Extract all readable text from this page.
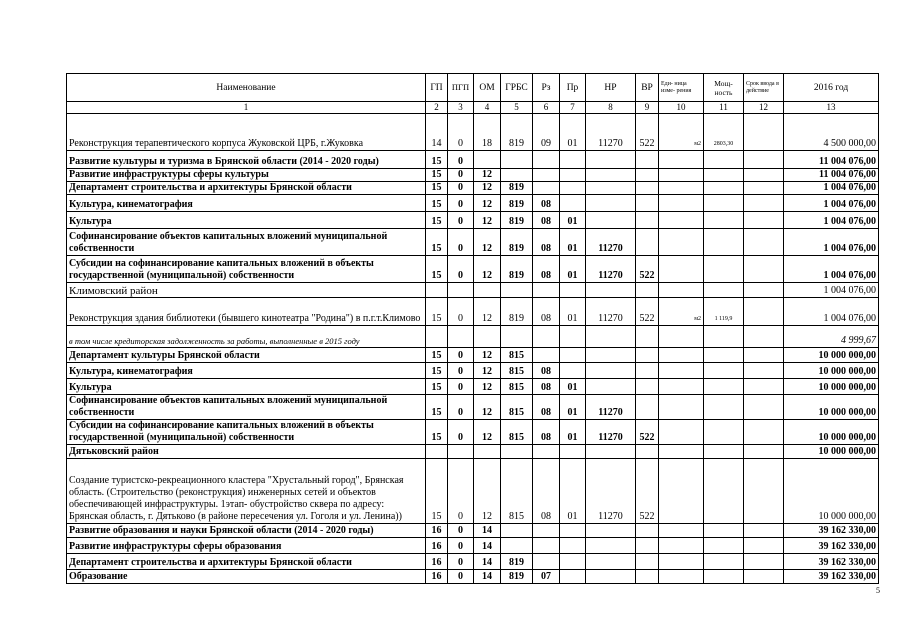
Наименование	ГП	ПГП	ОМ	ГРБС	Рз	Пр	НР	ВР	Еди- ница изме- рения	Мощ- ность	Срок ввода в действие	2016 год
1	2	3	4	5	6	7	8	9	10	11	12	13
Реконструкция терапевтического корпуса Жуковской ЦРБ, г.Жуковка	14	0	18	819	09	01	11270	522	м2	2803,30		4 500 000,00
Развитие культуры и туризма в Брянской области (2014 - 2020 годы)	15	0										11 004 076,00
Развитие инфраструктуры сферы культуры	15	0	12									11 004 076,00
Департамент строительства и архитектуры Брянской области	15	0	12	819								1 004 076,00
Культура, кинематография	15	0	12	819	08							1 004 076,00
Культура	15	0	12	819	08	01						1 004 076,00
Софинансирование объектов капитальных вложений муниципальной собственности	15	0	12	819	08	01	11270					1 004 076,00
Субсидии на софинансирование капитальных вложений в объекты государственной (муниципальной) собственности	15	0	12	819	08	01	11270	522				1 004 076,00
Климовский район												1 004 076,00
Реконструкция здания библиотеки (бывшего кинотеатра "Родина") в п.г.т.Климово	15	0	12	819	08	01	11270	522	м2	1 119,9		1 004 076,00
в том числе кредиторская задолженность за работы, выполненные в 2015 году												4 999,67
Департамент культуры Брянской области	15	0	12	815								10 000 000,00
Культура, кинематография	15	0	12	815	08							10 000 000,00
Культура	15	0	12	815	08	01						10 000 000,00
Софинансирование объектов капитальных вложений муниципальной собственности	15	0	12	815	08	01	11270					10 000 000,00
Субсидии на софинансирование капитальных вложений в объекты государственной (муниципальной) собственности	15	0	12	815	08	01	11270	522				10 000 000,00
Дятьковский район												10 000 000,00
Создание туристско-рекреационного кластера "Хрустальный город", Брянская область. (Строительство (реконструкция) инженерных сетей и объектов обеспечивающей инфраструктуры. 1этап- обустройство сквера по адресу: Брянская область, г. Дятьково (в районе пересечения ул. Гоголя и ул. Ленина))	15	0	12	815	08	01	11270	522				10 000 000,00
Развитие образования и науки Брянской области (2014 - 2020 годы)	16	0	14									39 162 330,00
Развитие инфраструктуры сферы образования	16	0	14									39 162 330,00
Департамент строительства и архитектуры Брянской области	16	0	14	819								39 162 330,00
Образование	16	0	14	819	07							39 162 330,00
5
